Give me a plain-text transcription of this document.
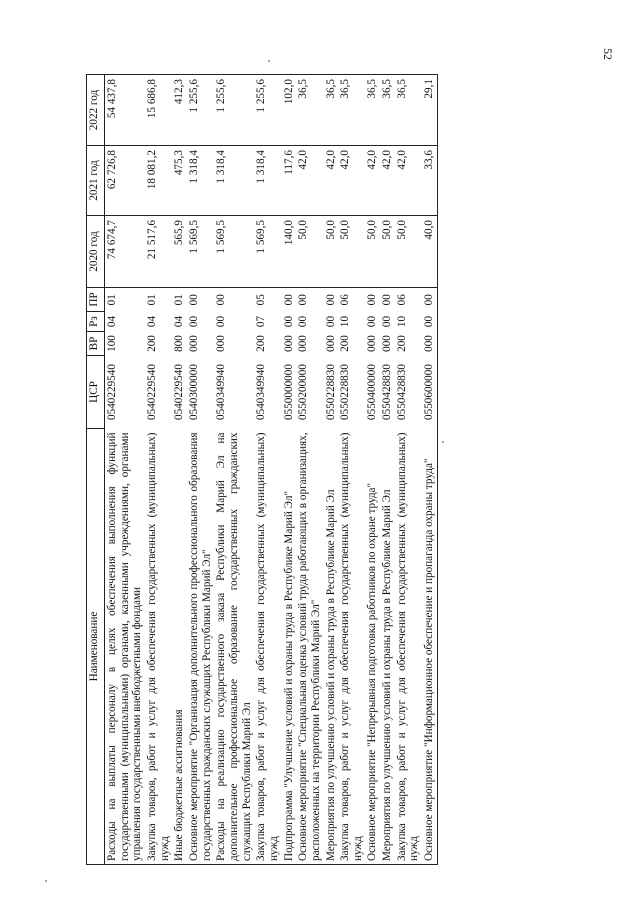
52
Наименование	ЦСР	ВР	Рз	ПР	2020 год	2021 год	2022 год
Расходы на выплаты персоналу в целях обеспечения выполнения функций государственными (муниципальными) органами, казенными учреждениями, органами управления государственными внебюджетными фондами	0540229540	100	04	01	74 674,7	62 726,8	54 437,8
Закупка товаров, работ и услуг для обеспечения государственных (муниципальных) нужд	0540229540	200	04	01	21 517,6	18 081,2	15 686,8
Иные бюджетные ассигнования	0540229540	800	04	01	565,9	475,3	412,3
Основное мероприятие "Организация дополнительного профессионального образования государственных гражданских служащих Республики Марий Эл"	0540300000	000	00	00	1 569,5	1 318,4	1 255,6
Расходы на реализацию государственного заказа Республики Марий Эл на дополнительное профессиональное образование государственных гражданских служащих Республики Марий Эл	0540349940	000	00	00	1 569,5	1 318,4	1 255,6
Закупка товаров, работ и услуг для обеспечения государственных (муниципальных) нужд	0540349940	200	07	05	1 569,5	1 318,4	1 255,6
Подпрограмма "Улучшение условий и охраны труда в Республике Марий Эл"	0550000000	000	00	00	140,0	117,6	102,0
Основное мероприятие "Специальная оценка условий труда работающих в организациях, расположенных на территории Республики Марий Эл"	0550200000	000	00	00	50,0	42,0	36,5
Мероприятия по улучшению условий и охраны труда в Республике Марий Эл	0550228830	000	00	00	50,0	42,0	36,5
Закупка товаров, работ и услуг для обеспечения государственных (муниципальных) нужд	0550228830	200	10	06	50,0	42,0	36,5
Основное мероприятие "Непрерывная подготовка работников по охране труда"	0550400000	000	00	00	50,0	42,0	36,5
Мероприятия по улучшению условий и охраны труда в Республике Марий Эл	0550428830	000	00	00	50,0	42,0	36,5
Закупка товаров, работ и услуг для обеспечения государственных (муниципальных) нужд	0550428830	200	10	06	50,0	42,0	36,5
Основное мероприятие "Информационное обеспечение и пропаганда охраны труда"	0550600000	000	00	00	40,0	33,6	29,1
